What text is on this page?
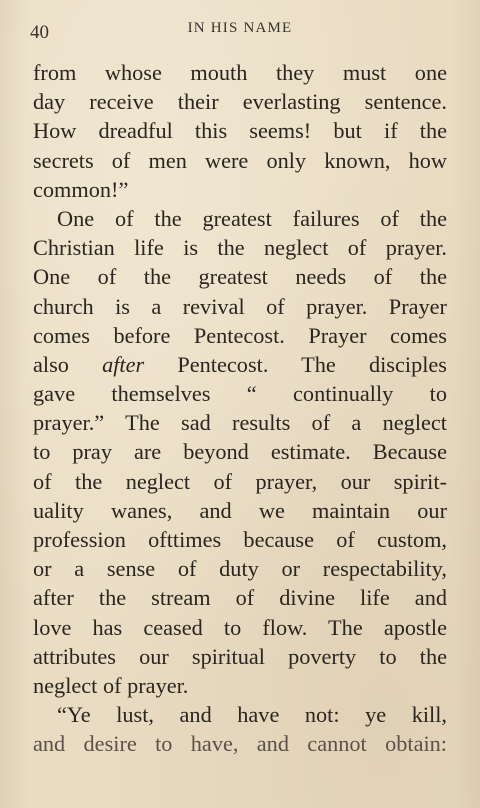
40	IN HIS NAME
from whose mouth they must one
day receive their everlasting sentence.
How dreadful this seems! but if the
secrets of men were only known, how
common!”
One of the greatest failures of the
Christian life is the neglect of prayer.
One of the greatest needs of the
church is a revival of prayer. Prayer
comes before Pentecost. Prayer comes
also after Pentecost. The disciples
gave themselves “ continually to
prayer.” The sad results of a neglect
to pray are beyond estimate. Because
of the neglect of prayer, our spirit-
uality wanes, and we maintain our
profession ofttimes because of custom,
or a sense of duty or respectability,
after the stream of divine life and
love has ceased to flow. The apostle
attributes our spiritual poverty to the
neglect of prayer.
“Ye lust, and have not: ye kill,
and desire to have, and cannot obtain:
